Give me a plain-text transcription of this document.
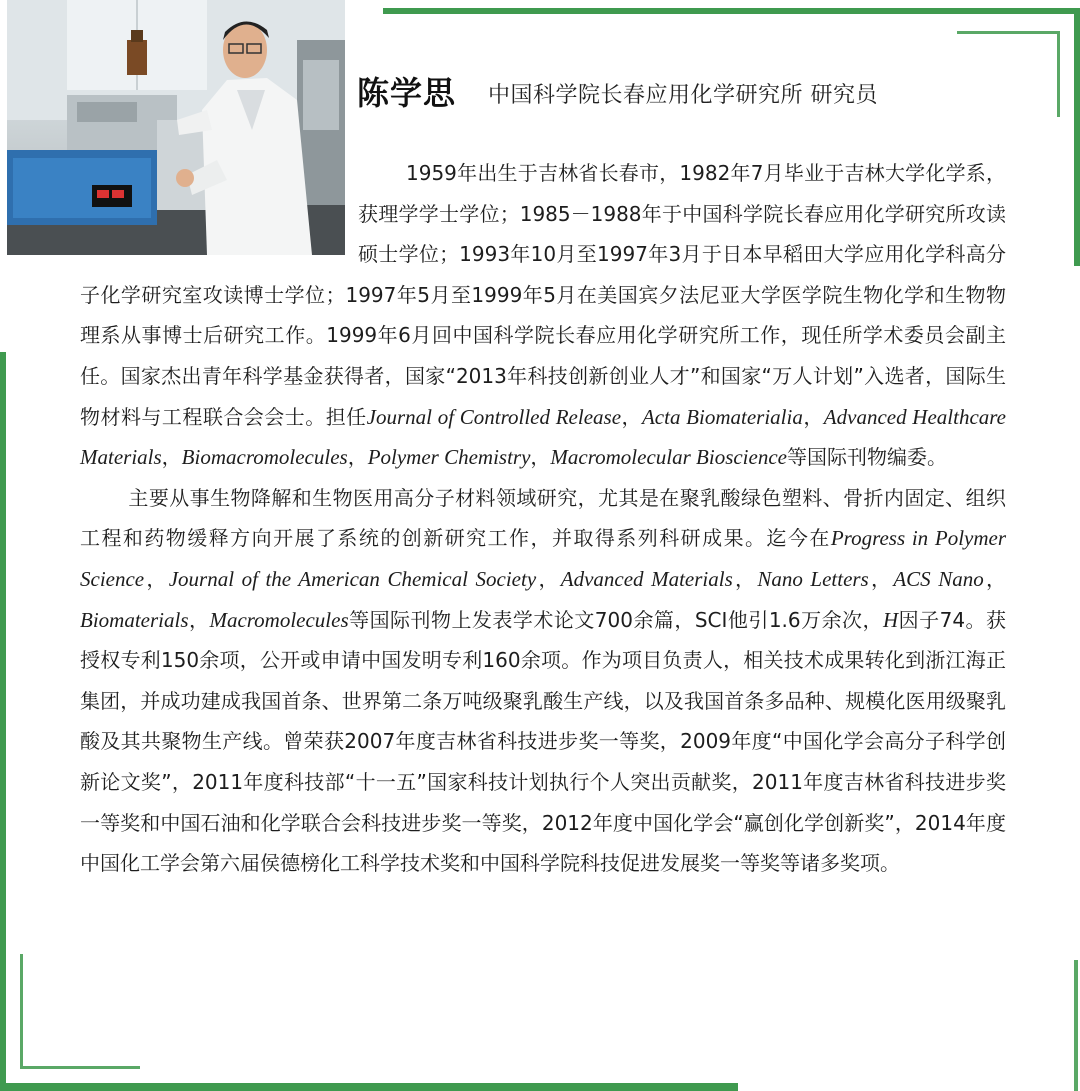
陈学思 中国科学院长春应用化学研究所 研究员

1959年出生于吉林省长春市，1982年7月毕业于吉林大学化学系，获理学学士学位；1985－1988年于中国科学院长春应用化学研究所攻读硕士学位；1993年10月至1997年3月于日本早稻田大学应用化学科高分子化学研究室攻读博士学位；1997年5月至1999年5月在美国宾夕法尼亚大学医学院生物化学和生物物理系从事博士后研究工作。1999年6月回中国科学院长春应用化学研究所工作，现任所学术委员会副主任。国家杰出青年科学基金获得者，国家“2013年科技创新创业人才”和国家“万人计划”入选者，国际生物材料与工程联合会会士。担任Journal of Controlled Release，Acta Biomaterialia，Advanced Healthcare Materials，Biomacromolecules，Polymer Chemistry，Macromolecular Bioscience等国际刊物编委。

主要从事生物降解和生物医用高分子材料领域研究，尤其是在聚乳酸绿色塑料、骨折内固定、组织工程和药物缓释方向开展了系统的创新研究工作，并取得系列科研成果。迄今在Progress in Polymer Science，Journal of the American Chemical Society，Advanced Materials，Nano Letters，ACS Nano，Biomaterials，Macromolecules等国际刊物上发表学术论文700余篇，SCI他引1.6万余次，H因子74。获授权专利150余项，公开或申请中国发明专利160余项。作为项目负责人，相关技术成果转化到浙江海正集团，并成功建成我国首条、世界第二条万吨级聚乳酸生产线，以及我国首条多品种、规模化医用级聚乳酸及其共聚物生产线。曾荣获2007年度吉林省科技进步奖一等奖，2009年度“中国化学会高分子科学创新论文奖”，2011年度科技部“十一五”国家科技计划执行个人突出贡献奖，2011年度吉林省科技进步奖一等奖和中国石油和化学联合会科技进步奖一等奖，2012年度中国化学会“赢创化学创新奖”，2014年度中国化工学会第六届侯德榜化工科学技术奖和中国科学院科技促进发展奖一等奖等诸多奖项。
